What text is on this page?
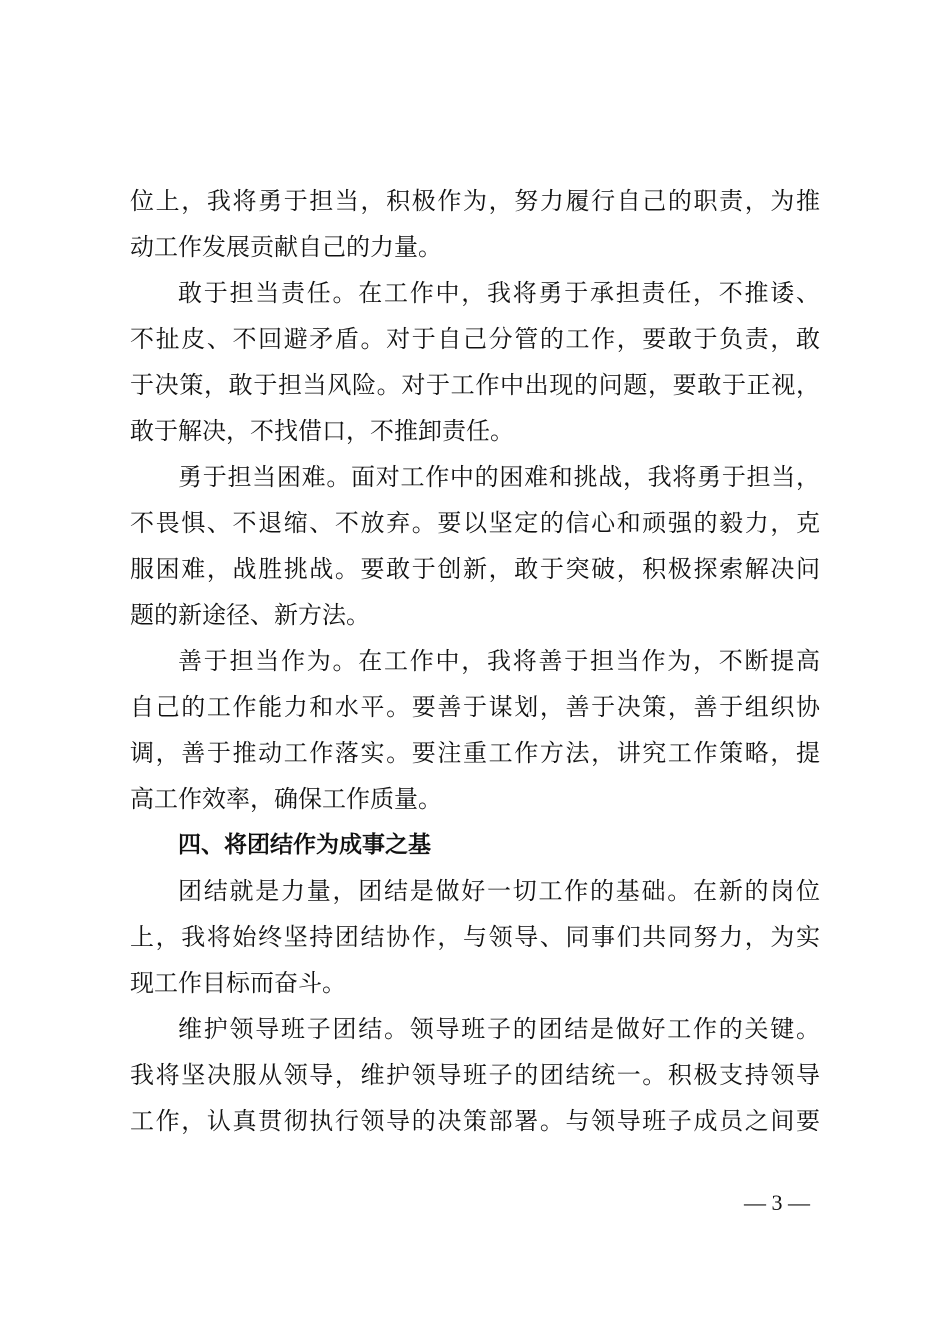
位上，我将勇于担当，积极作为，努力履行自己的职责，为推
动工作发展贡献自己的力量。
敢于担当责任。在工作中，我将勇于承担责任，不推诿、
不扯皮、不回避矛盾。对于自己分管的工作，要敢于负责，敢
于决策，敢于担当风险。对于工作中出现的问题，要敢于正视，
敢于解决，不找借口，不推卸责任。
勇于担当困难。面对工作中的困难和挑战，我将勇于担当，
不畏惧、不退缩、不放弃。要以坚定的信心和顽强的毅力，克
服困难，战胜挑战。要敢于创新，敢于突破，积极探索解决问
题的新途径、新方法。
善于担当作为。在工作中，我将善于担当作为，不断提高
自己的工作能力和水平。要善于谋划，善于决策，善于组织协
调，善于推动工作落实。要注重工作方法，讲究工作策略，提
高工作效率，确保工作质量。
四、将团结作为成事之基
团结就是力量，团结是做好一切工作的基础。在新的岗位
上，我将始终坚持团结协作，与领导、同事们共同努力，为实
现工作目标而奋斗。
维护领导班子团结。领导班子的团结是做好工作的关键。
我将坚决服从领导，维护领导班子的团结统一。积极支持领导
工作，认真贯彻执行领导的决策部署。与领导班子成员之间要
— 3 —
